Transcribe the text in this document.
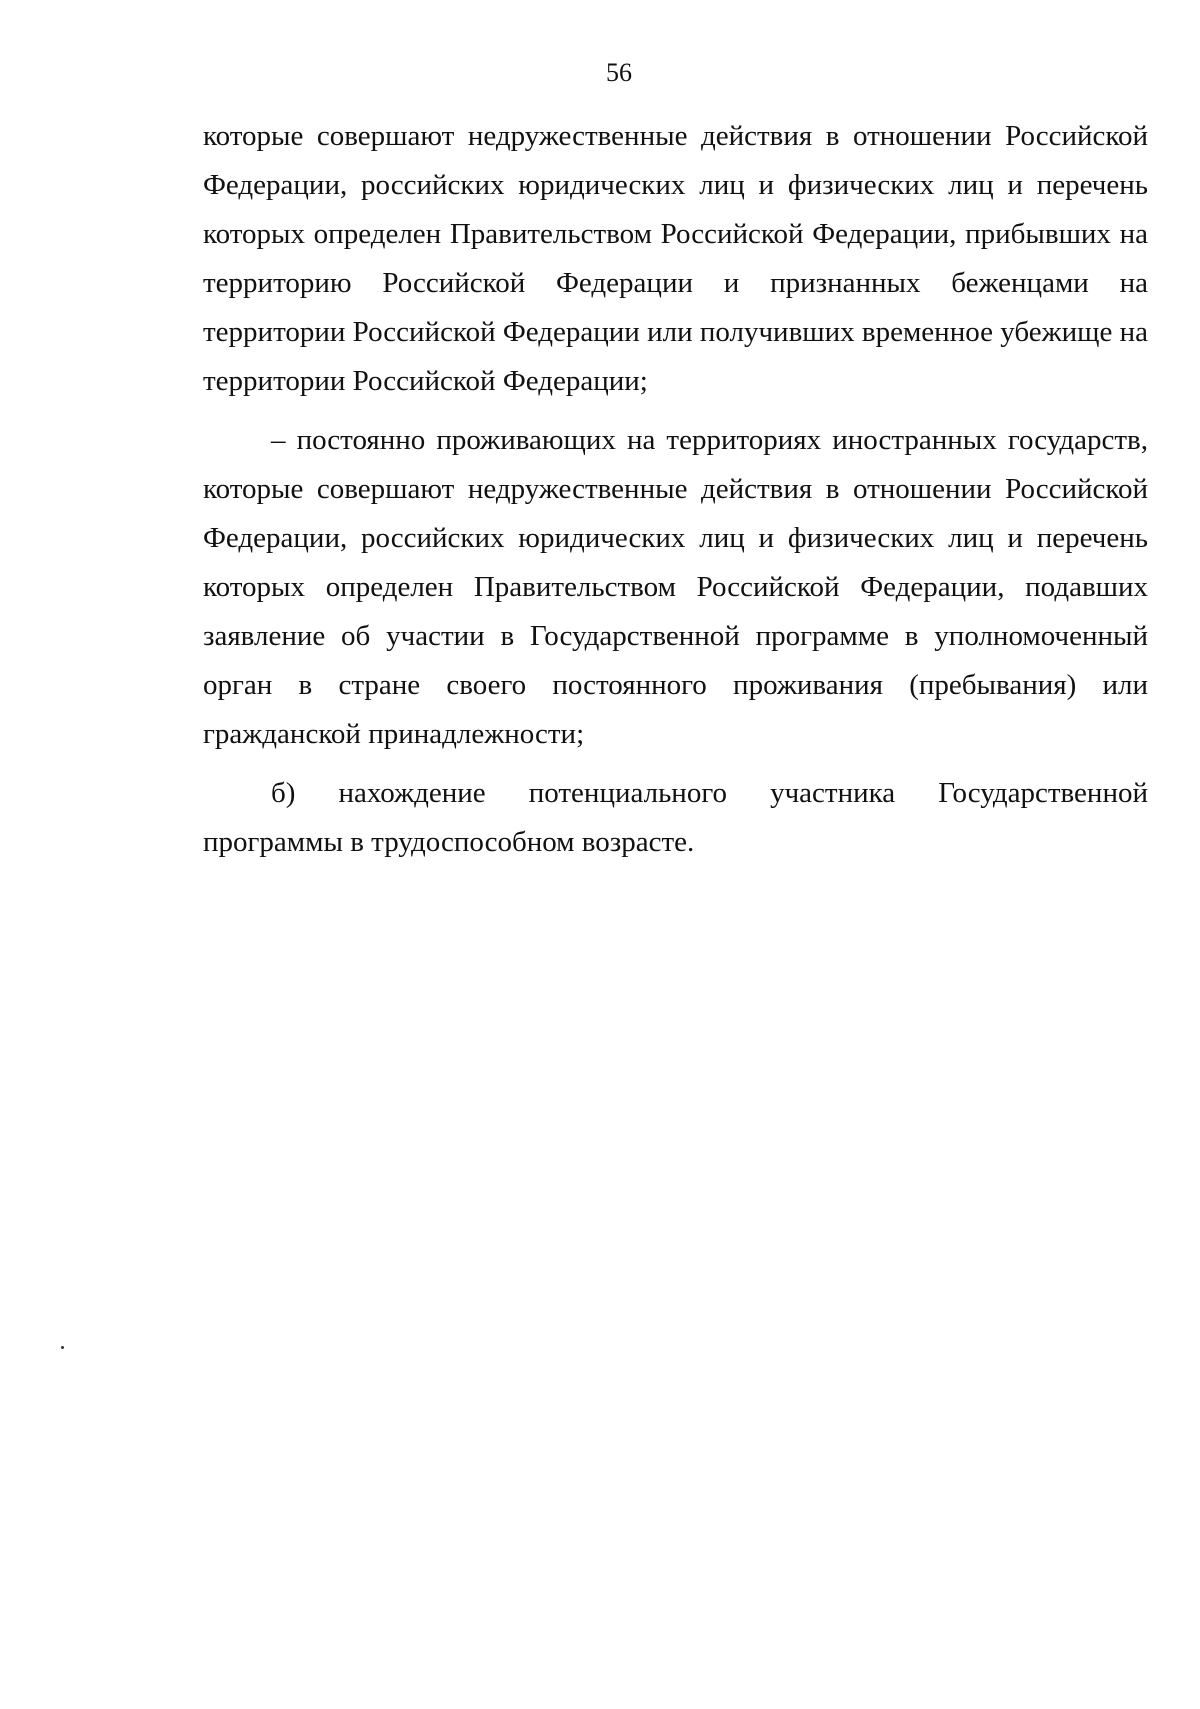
56

которые совершают недружественные действия в отношении Российской Федерации, российских юридических лиц и физических лиц и перечень которых определен Правительством Российской Федерации, прибывших на территорию Российской Федерации и признанных беженцами на территории Российской Федерации или получивших временное убежище на территории Российской Федерации;

– постоянно проживающих на территориях иностранных государств, которые совершают недружественные действия в отношении Российской Федерации, российских юридических лиц и физических лиц и перечень которых определен Правительством Российской Федерации, подавших заявление об участии в Государственной программе в уполномоченный орган в стране своего постоянного проживания (пребывания) или гражданской принадлежности;

б) нахождение потенциального участника Государственной программы в трудоспособном возрасте.
